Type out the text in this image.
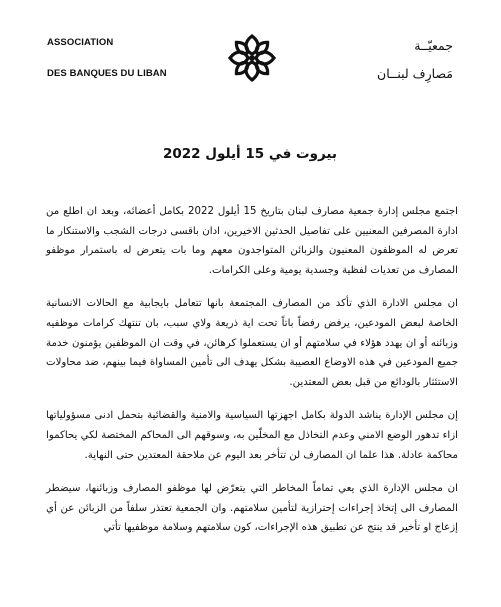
ASSOCIATION
DES BANQUES DU LIBAN
جمعيّــة
مَصارِف لبنــان
بيروت في 15 أيلول 2022

اجتمع مجلس إدارة جمعية مصارف لبنان بتاريخ 15 أيلول 2022 بكامل أعضائه، وبعد ان اطلع من ادارة المصرفين المعنيين على تفاصيل الحدثين الاخيرين، ادان باقسى درجات الشجب والاستنكار ما تعرض له الموظفون المعنيون والزبائن المتواجدون معهم وما بات يتعرض له باستمرار موظفو المصارف من تعديات لفظية وجسدية يومية وعلى الكرامات.

ان مجلس الادارة الذي تأكد من المصارف المجتمعة بانها تتعامل بايجابية مع الحالات الانسانية الخاصة لبعض المودعين، يرفض رفضاً باتاً تحت اية ذريعة ولاي سبب، بان تنتهك كرامات موظفيه وزبائنه أو ان يهدد هؤلاء في سلامتهم أو ان يستعملوا كرهائن، في وقت ان الموظفين يؤمنون خدمة جميع المودعين في هذه الاوضاع العصيبة بشكل يهدف الى تأمين المساواة فيما بينهم، ضد محاولات الاستئثار بالودائع من قبل بعض المعتدين.

إن مجلس الإدارة يناشد الدولة بكامل اجهزتها السياسية والامنية والقضائية بتحمل ادنى مسؤولياتها ازاء تدهور الوضع الامني وعدم التخاذل مع المخلّين به، وسوقهم الى المحاكم المختصة لكي يحاكموا محاكمة عادلة. هذا علما ان المصارف لن تتأخر بعد اليوم عن ملاحقة المعتدين حتى النهاية.

ان مجلس الإدارة الذي يعي تماماً المخاطر التي يتعرّض لها موظفو المصارف وزبائنها، سيضطر المصارف الى إتخاذ إجراءات إحترازية لتأمين سلامتهم. وان الجمعية تعتذر سلفاً من الزبائن عن أي إزعاج او تأخير قد ينتج عن تطبيق هذه الإجراءات، كون سلامتهم وسلامة موظفيها تأتي
